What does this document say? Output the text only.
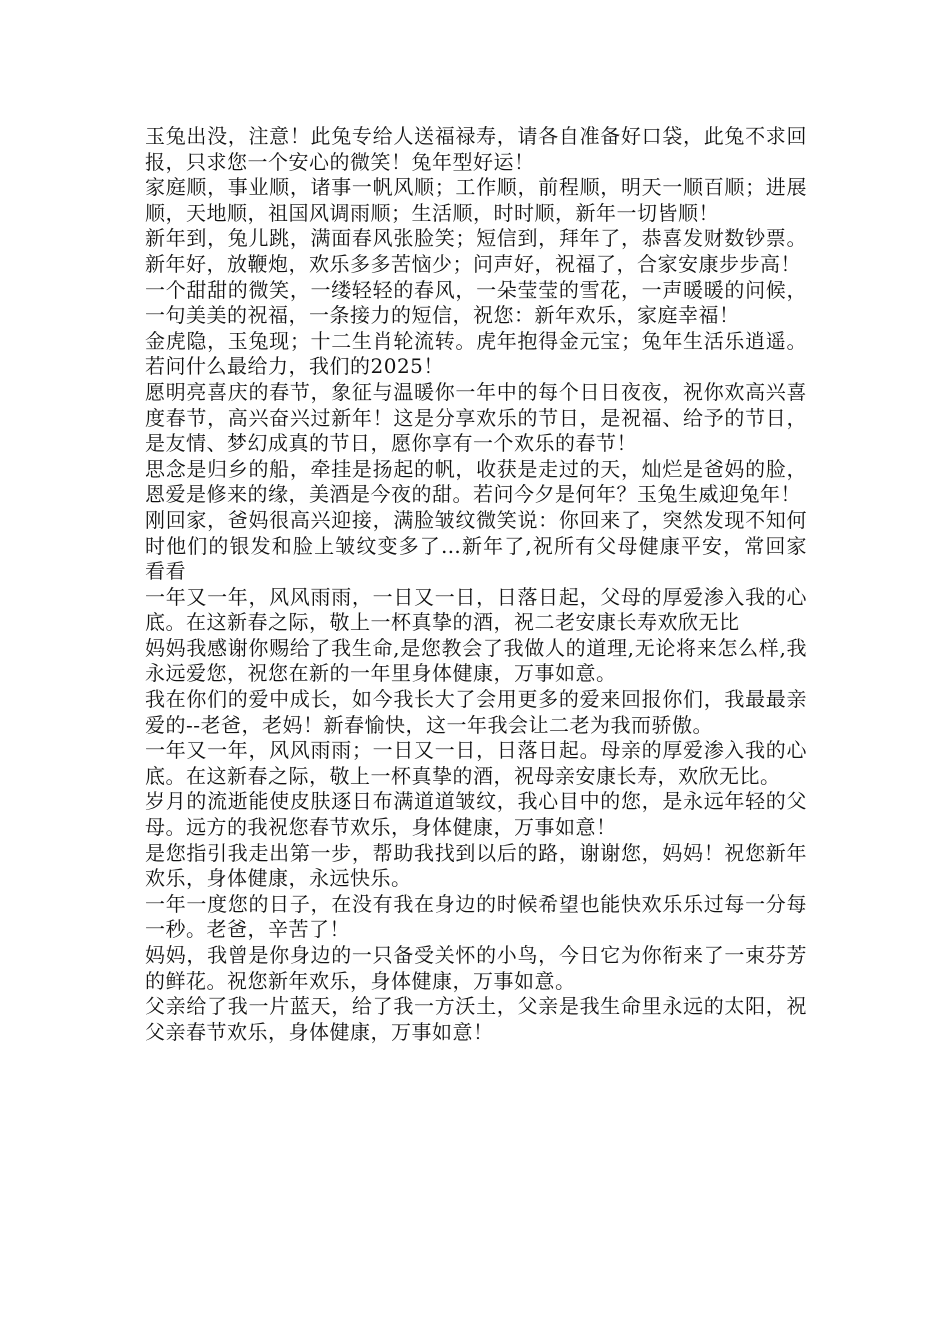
玉兔出没，注意！此兔专给人送福禄寿，请各自准备好口袋，此兔不求回报，只求您一个安心的微笑！兔年型好运！

家庭顺，事业顺，诸事一帆风顺；工作顺，前程顺，明天一顺百顺；进展顺，天地顺，祖国风调雨顺；生活顺，时时顺，新年一切皆顺！

新年到，兔儿跳，满面春风张脸笑；短信到，拜年了，恭喜发财数钞票。新年好，放鞭炮，欢乐多多苦恼少；问声好，祝福了，合家安康步步高！

一个甜甜的微笑，一缕轻轻的春风，一朵莹莹的雪花，一声暖暖的问候，一句美美的祝福，一条接力的短信，祝您：新年欢乐，家庭幸福！

金虎隐，玉兔现；十二生肖轮流转。虎年抱得金元宝；兔年生活乐逍遥。若问什么最给力，我们的2025！

愿明亮喜庆的春节，象征与温暖你一年中的每个日日夜夜，祝你欢高兴喜度春节，高兴奋兴过新年！这是分享欢乐的节日，是祝福、给予的节日，是友情、梦幻成真的节日，愿你享有一个欢乐的春节！

思念是归乡的船，牵挂是扬起的帆，收获是走过的天，灿烂是爸妈的脸，恩爱是修来的缘，美酒是今夜的甜。若问今夕是何年？玉兔生威迎兔年！

刚回家，爸妈很高兴迎接，满脸皱纹微笑说：你回来了，突然发现不知何时他们的银发和脸上皱纹变多了…新年了,祝所有父母健康平安，常回家看看

一年又一年，风风雨雨，一日又一日，日落日起，父母的厚爱渗入我的心底。在这新春之际，敬上一杯真挚的酒，祝二老安康长寿欢欣无比

妈妈我感谢你赐给了我生命,是您教会了我做人的道理,无论将来怎么样,我永远爱您，祝您在新的一年里身体健康，万事如意。

我在你们的爱中成长，如今我长大了会用更多的爱来回报你们，我最最亲爱的--老爸，老妈！新春愉快，这一年我会让二老为我而骄傲。

一年又一年，风风雨雨；一日又一日，日落日起。母亲的厚爱渗入我的心底。在这新春之际，敬上一杯真挚的酒，祝母亲安康长寿，欢欣无比。

岁月的流逝能使皮肤逐日布满道道皱纹，我心目中的您，是永远年轻的父母。远方的我祝您春节欢乐，身体健康，万事如意！

是您指引我走出第一步，帮助我找到以后的路，谢谢您，妈妈！祝您新年欢乐，身体健康，永远快乐。

一年一度您的日子，在没有我在身边的时候希望也能快欢乐乐过每一分每一秒。老爸，辛苦了！

妈妈，我曾是你身边的一只备受关怀的小鸟，今日它为你衔来了一束芬芳的鲜花。祝您新年欢乐，身体健康，万事如意。

父亲给了我一片蓝天，给了我一方沃土，父亲是我生命里永远的太阳，祝父亲春节欢乐，身体健康，万事如意！
